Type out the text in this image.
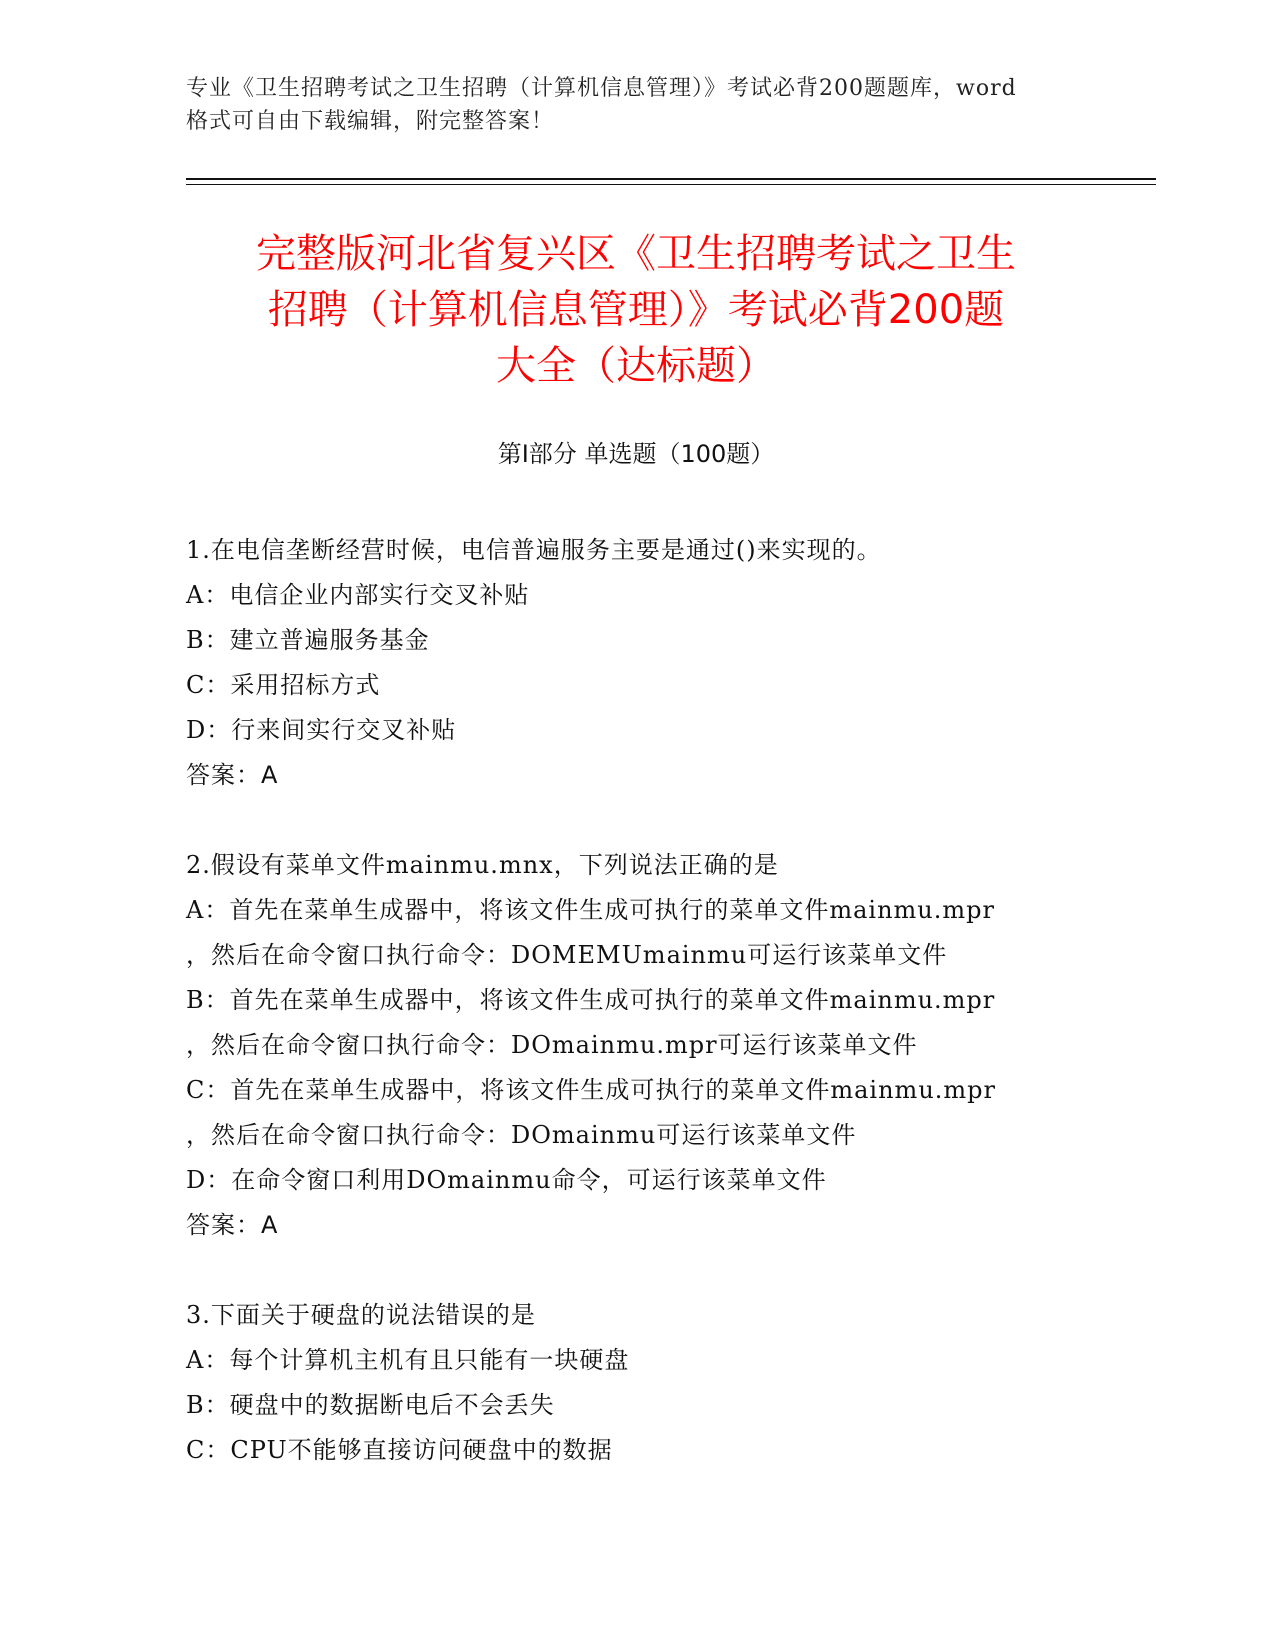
专业《卫生招聘考试之卫生招聘（计算机信息管理）》考试必背200题题库，word
格式可自由下载编辑，附完整答案！
完整版河北省复兴区《卫生招聘考试之卫生
招聘（计算机信息管理）》考试必背200题
大全（达标题）
第Ⅰ部分 单选题（100题）
1.在电信垄断经营时候，电信普遍服务主要是通过()来实现的。
A：电信企业内部实行交叉补贴
B：建立普遍服务基金
C：采用招标方式
D：行来间实行交叉补贴
答案：A
2.假设有菜单文件mainmu.mnx，下列说法正确的是
A：首先在菜单生成器中，将该文件生成可执行的菜单文件mainmu.mpr
，然后在命令窗口执行命令：DOMEMUmainmu可运行该菜单文件
B：首先在菜单生成器中，将该文件生成可执行的菜单文件mainmu.mpr
，然后在命令窗口执行命令：DOmainmu.mpr可运行该菜单文件
C：首先在菜单生成器中，将该文件生成可执行的菜单文件mainmu.mpr
，然后在命令窗口执行命令：DOmainmu可运行该菜单文件
D：在命令窗口利用DOmainmu命令，可运行该菜单文件
答案：A
3.下面关于硬盘的说法错误的是
A：每个计算机主机有且只能有一块硬盘
B：硬盘中的数据断电后不会丢失
C：CPU不能够直接访问硬盘中的数据
